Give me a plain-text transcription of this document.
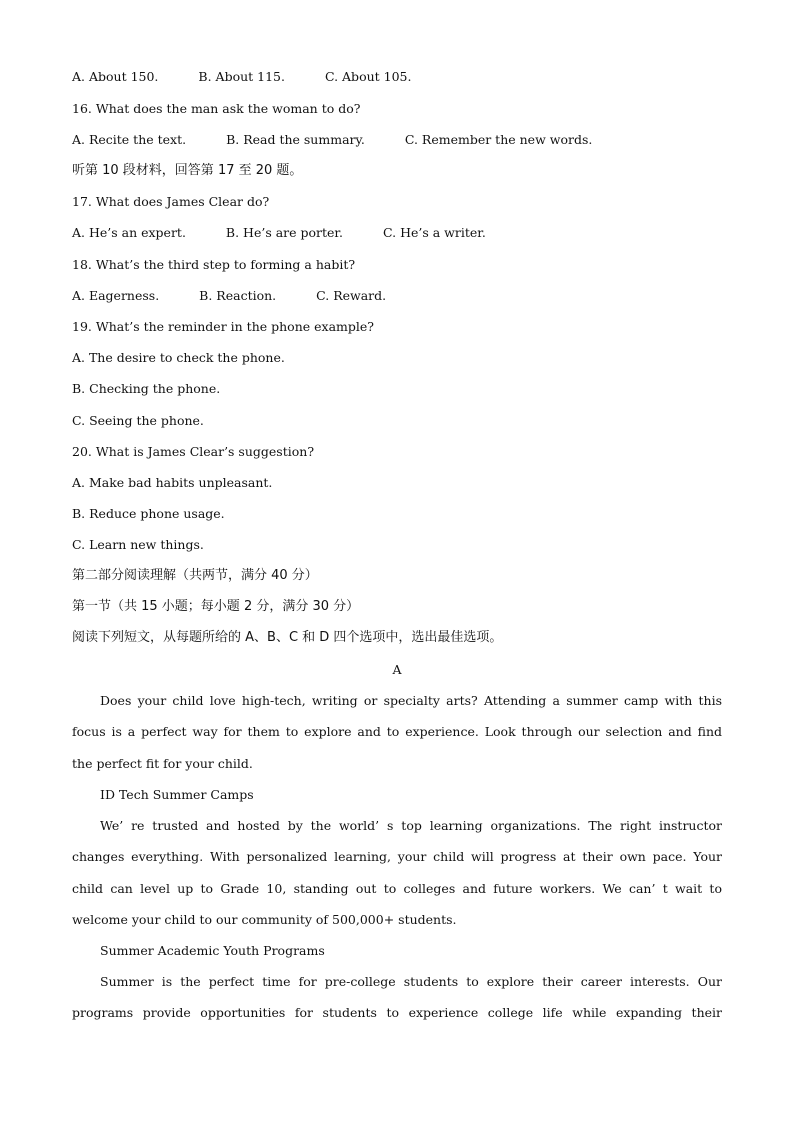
A. About 150.	B. About 115.	C. About 105.
16. What does the man ask the woman to do?
A. Recite the text.	B. Read the summary.	C. Remember the new words.
听第 10 段材料，回答第 17 至 20 题。
17. What does James Clear do?
A. He’s an expert.	B. He’s are porter.	C. He’s a writer.
18. What’s the third step to forming a habit?
A. Eagerness.	B. Reaction.	C. Reward.
19. What’s the reminder in the phone example?
A. The desire to check the phone.
B. Checking the phone.
C. Seeing the phone.
20. What is James Clear’s suggestion?
A. Make bad habits unpleasant.
B. Reduce phone usage.
C. Learn new things.
第二部分阅读理解（共两节，满分 40 分）
第一节（共 15 小题；每小题 2 分，满分 30 分）
阅读下列短文，从每题所给的 A、B、C 和 D 四个选项中，选出最佳选项。
A
Does your child love high-tech, writing or specialty arts? Attending a summer camp with this
focus is a perfect way for them to explore and to experience. Look through our selection and find
the perfect fit for your child.
ID Tech Summer Camps
We’ re trusted and hosted by the world’ s top learning organizations. The right instructor
changes everything. With personalized learning, your child will progress at their own pace. Your
child can level up to Grade 10, standing out to colleges and future workers. We can’ t wait to
welcome your child to our community of 500,000+ students.
Summer Academic Youth Programs
Summer is the perfect time for pre-college students to explore their career interests. Our
programs provide opportunities for students to experience college life while expanding their
